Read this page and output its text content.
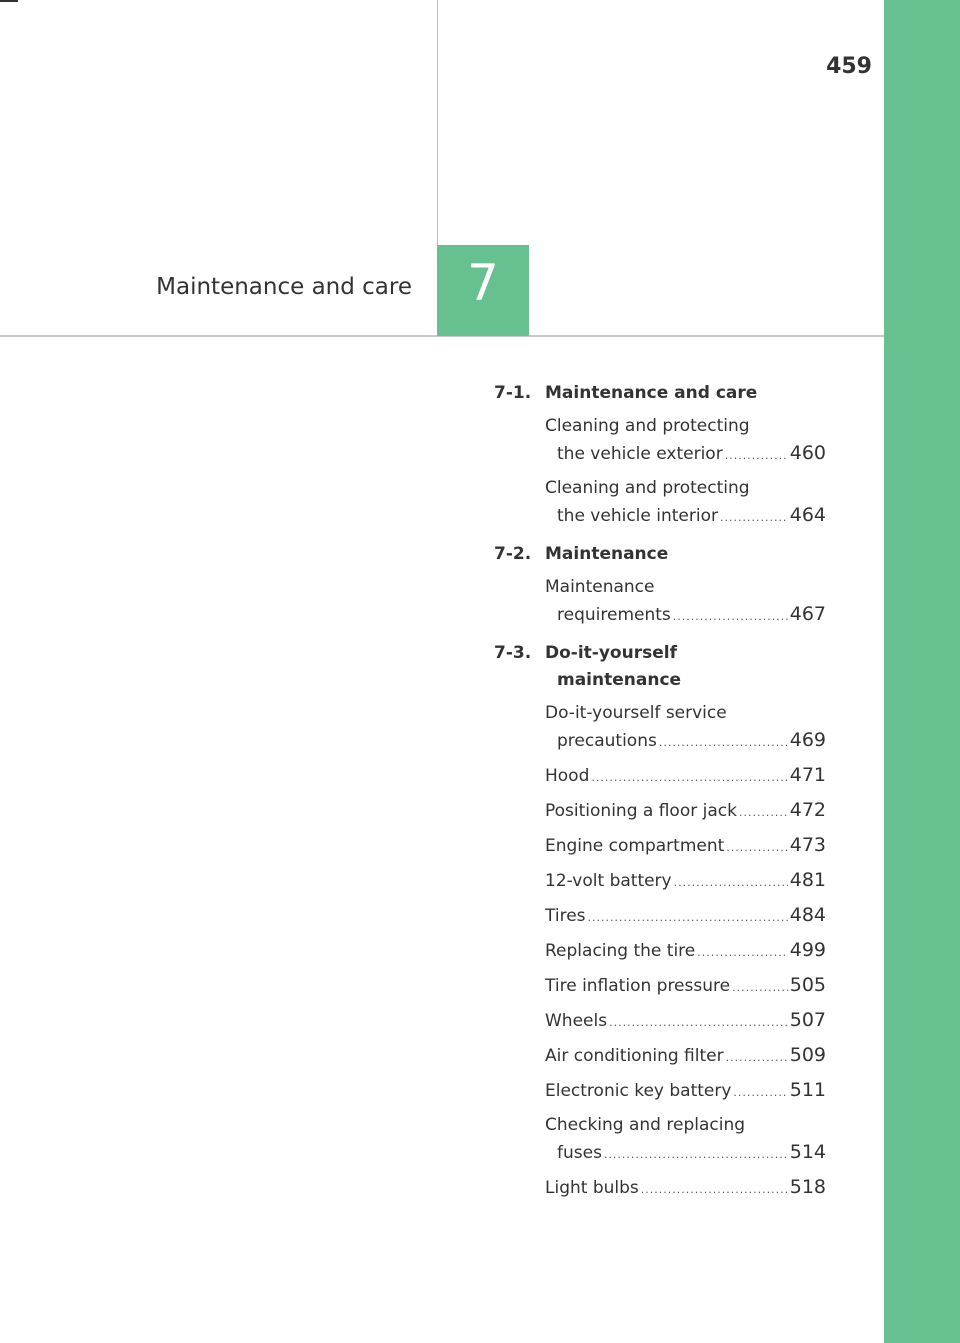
459
Maintenance and care	7
7-1. Maintenance and care
Cleaning and protecting
the vehicle exterior .....	460
Cleaning and protecting
the vehicle interior .....	464
7-2. Maintenance
Maintenance
requirements .....	467
7-3. Do-it-yourself
maintenance
Do-it-yourself service
precautions .....	469
Hood .....	471
Positioning a floor jack .....	472
Engine compartment .....	473
12-volt battery .....	481
Tires .....	484
Replacing the tire .....	499
Tire inflation pressure .....	505
Wheels .....	507
Air conditioning filter .....	509
Electronic key battery .....	511
Checking and replacing
fuses .....	514
Light bulbs .....	518
